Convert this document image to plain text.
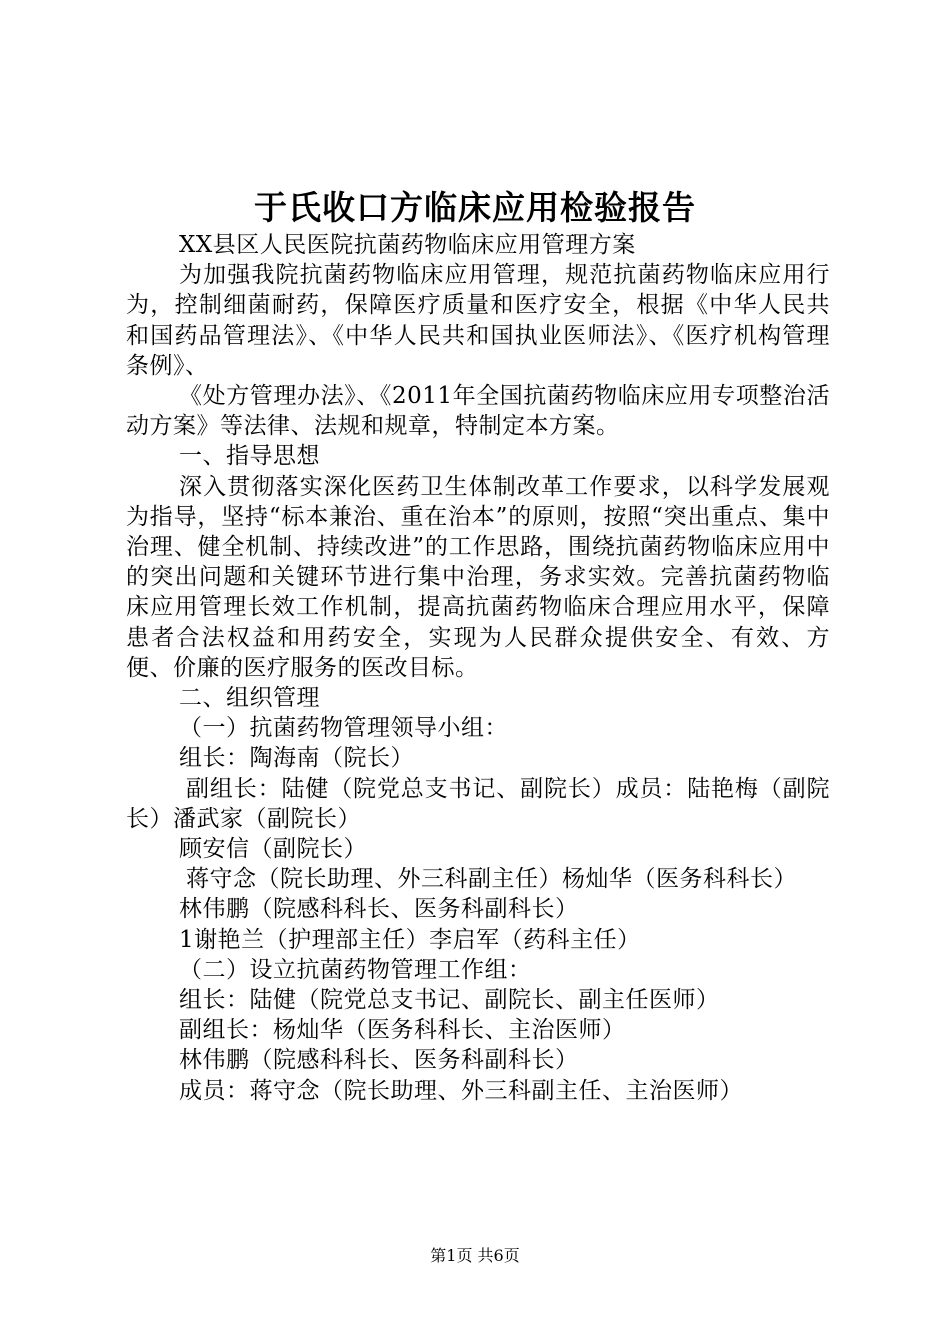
于氏收口方临床应用检验报告

XX县区人民医院抗菌药物临床应用管理方案

为加强我院抗菌药物临床应用管理，规范抗菌药物临床应用行为，控制细菌耐药，保障医疗质量和医疗安全，根据《中华人民共和国药品管理法》、《中华人民共和国执业医师法》、《医疗机构管理条例》、

《处方管理办法》、《2011年全国抗菌药物临床应用专项整治活动方案》等法律、法规和规章，特制定本方案。

一、指导思想

深入贯彻落实深化医药卫生体制改革工作要求，以科学发展观为指导，坚持“标本兼治、重在治本”的原则，按照“突出重点、集中治理、健全机制、持续改进”的工作思路，围绕抗菌药物临床应用中的突出问题和关键环节进行集中治理，务求实效。完善抗菌药物临床应用管理长效工作机制，提高抗菌药物临床合理应用水平，保障患者合法权益和用药安全，实现为人民群众提供安全、有效、方便、价廉的医疗服务的医改目标。

二、组织管理

（一）抗菌药物管理领导小组：

组长：陶海南（院长）

副组长：陆健（院党总支书记、副院长）成员：陆艳梅（副院长）潘武家（副院长）

顾安信（副院长）

蒋守念（院长助理、外三科副主任）杨灿华（医务科科长）

林伟鹏（院感科科长、医务科副科长）

1谢艳兰（护理部主任）李启军（药科主任）

（二）设立抗菌药物管理工作组：

组长：陆健（院党总支书记、副院长、副主任医师）

副组长：杨灿华（医务科科长、主治医师）

林伟鹏（院感科科长、医务科副科长）

成员：蒋守念（院长助理、外三科副主任、主治医师）

第1页 共6页
